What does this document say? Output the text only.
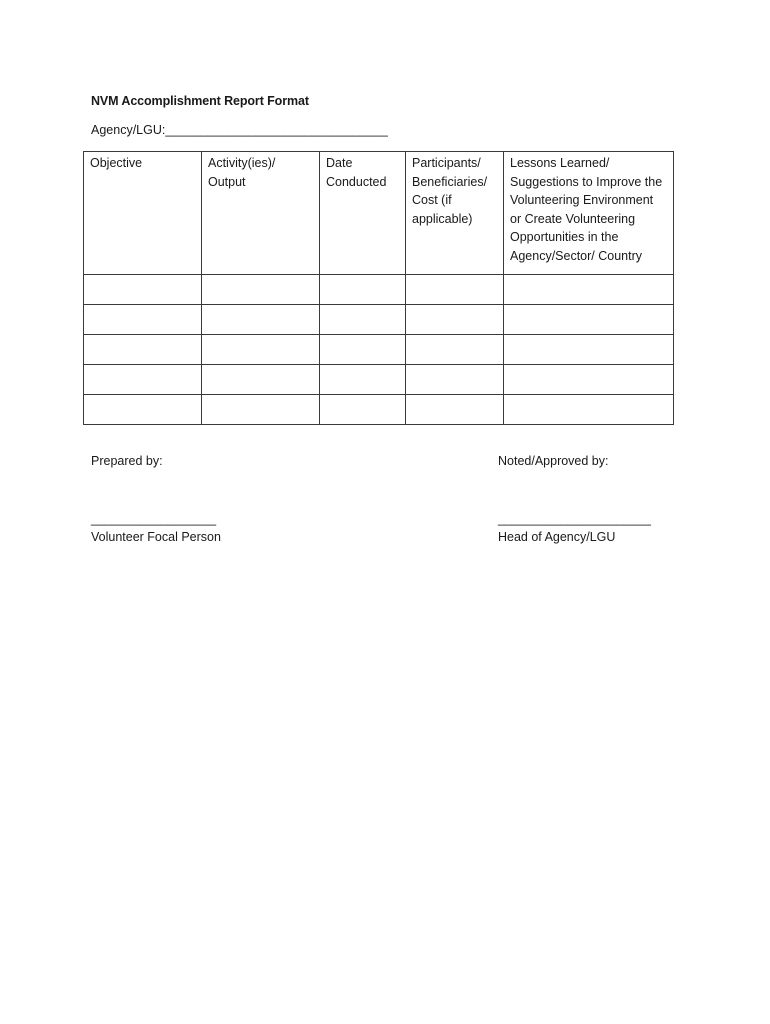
NVM Accomplishment Report Format
Agency/LGU:________________________________
Objective	Activity(ies)/ Output	Date Conducted	Participants/ Beneficiaries/ Cost (if applicable)	Lessons Learned/ Suggestions to Improve the Volunteering Environment or Create Volunteering Opportunities in the Agency/Sector/ Country

Prepared by:	Noted/Approved by:
__________________	______________________
Volunteer Focal Person	Head of Agency/LGU
